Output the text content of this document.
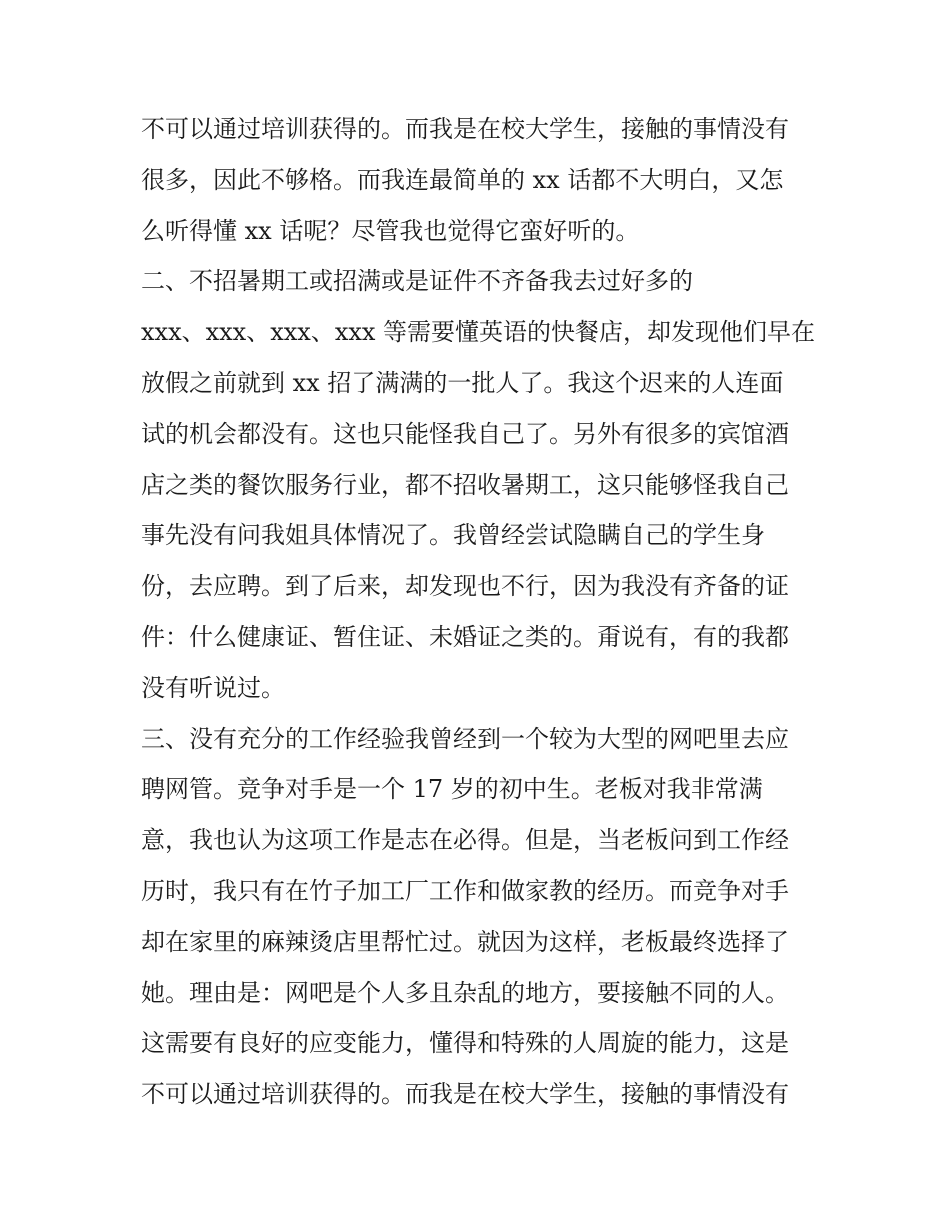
不可以通过培训获得的。而我是在校大学生，接触的事情没有
很多，因此不够格。而我连最简单的 xx 话都不大明白，又怎
么听得懂 xx 话呢？尽管我也觉得它蛮好听的。
二、不招暑期工或招满或是证件不齐备我去过好多的
xxx、xxx、xxx、xxx 等需要懂英语的快餐店，却发现他们早在
放假之前就到 xx 招了满满的一批人了。我这个迟来的人连面
试的机会都没有。这也只能怪我自己了。另外有很多的宾馆酒
店之类的餐饮服务行业，都不招收暑期工，这只能够怪我自己
事先没有问我姐具体情况了。我曾经尝试隐瞒自己的学生身
份，去应聘。到了后来，却发现也不行，因为我没有齐备的证
件：什么健康证、暂住证、未婚证之类的。甭说有，有的我都
没有听说过。
三、没有充分的工作经验我曾经到一个较为大型的网吧里去应
聘网管。竞争对手是一个 17 岁的初中生。老板对我非常满
意，我也认为这项工作是志在必得。但是，当老板问到工作经
历时，我只有在竹子加工厂工作和做家教的经历。而竞争对手
却在家里的麻辣烫店里帮忙过。就因为这样，老板最终选择了
她。理由是：网吧是个人多且杂乱的地方，要接触不同的人。
这需要有良好的应变能力，懂得和特殊的人周旋的能力，这是
不可以通过培训获得的。而我是在校大学生，接触的事情没有
